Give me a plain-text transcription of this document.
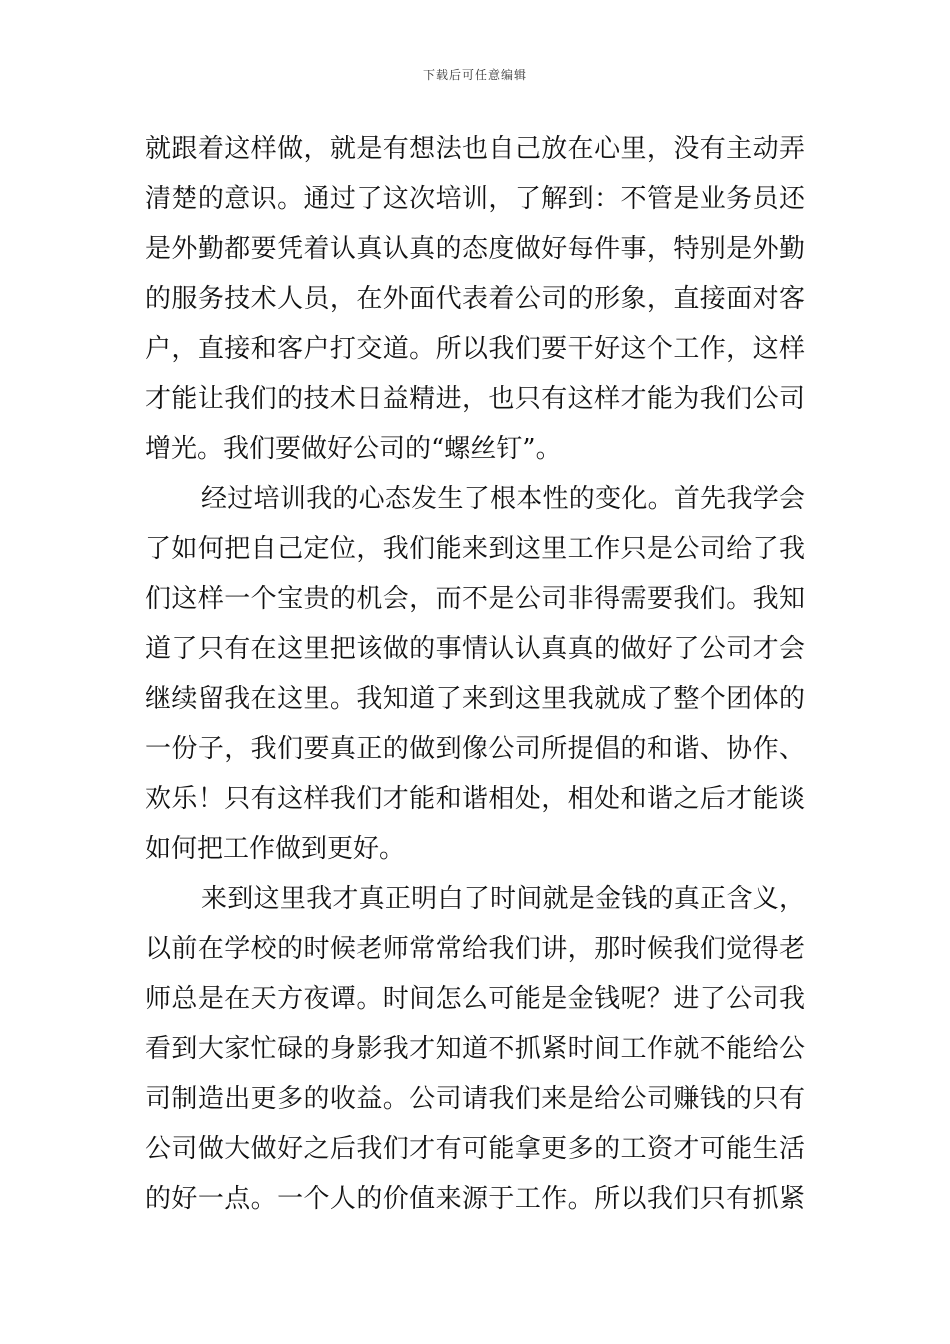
下载后可任意编辑
就跟着这样做，就是有想法也自己放在心里，没有主动弄
清楚的意识。通过了这次培训，了解到：不管是业务员还
是外勤都要凭着认真认真的态度做好每件事，特别是外勤
的服务技术人员，在外面代表着公司的形象，直接面对客
户，直接和客户打交道。所以我们要干好这个工作，这样
才能让我们的技术日益精进，也只有这样才能为我们公司
增光。我们要做好公司的“螺丝钉”。
经过培训我的心态发生了根本性的变化。首先我学会
了如何把自己定位，我们能来到这里工作只是公司给了我
们这样一个宝贵的机会，而不是公司非得需要我们。我知
道了只有在这里把该做的事情认认真真的做好了公司才会
继续留我在这里。我知道了来到这里我就成了整个团体的
一份子，我们要真正的做到像公司所提倡的和谐、协作、
欢乐！只有这样我们才能和谐相处，相处和谐之后才能谈
如何把工作做到更好。
来到这里我才真正明白了时间就是金钱的真正含义，
以前在学校的时候老师常常给我们讲，那时候我们觉得老
师总是在天方夜谭。时间怎么可能是金钱呢？进了公司我
看到大家忙碌的身影我才知道不抓紧时间工作就不能给公
司制造出更多的收益。公司请我们来是给公司赚钱的只有
公司做大做好之后我们才有可能拿更多的工资才可能生活
的好一点。一个人的价值来源于工作。所以我们只有抓紧
